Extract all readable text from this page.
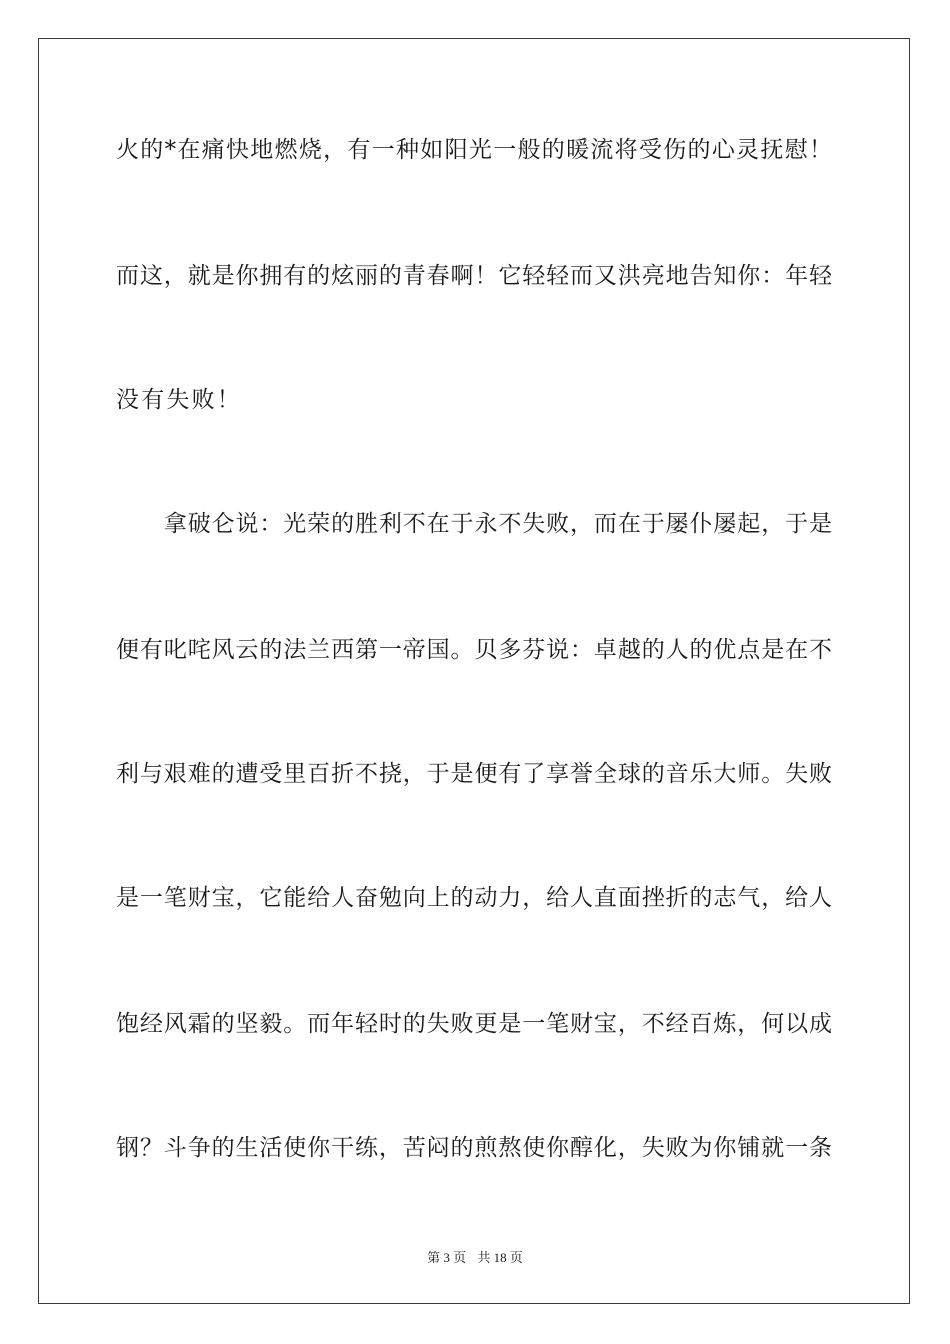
火的*在痛快地燃烧，有一种如阳光一般的暖流将受伤的心灵抚慰！
而这，就是你拥有的炫丽的青春啊！它轻轻而又洪亮地告知你：年轻
没有失败！
　　拿破仑说：光荣的胜利不在于永不失败，而在于屡仆屡起，于是
便有叱咤风云的法兰西第一帝国。贝多芬说：卓越的人的优点是在不
利与艰难的遭受里百折不挠，于是便有了享誉全球的音乐大师。失败
是一笔财宝，它能给人奋勉向上的动力，给人直面挫折的志气，给人
饱经风霜的坚毅。而年轻时的失败更是一笔财宝，不经百炼，何以成
钢？斗争的生活使你干练，苦闷的煎熬使你醇化，失败为你铺就一条
第 3 页 共 18 页
